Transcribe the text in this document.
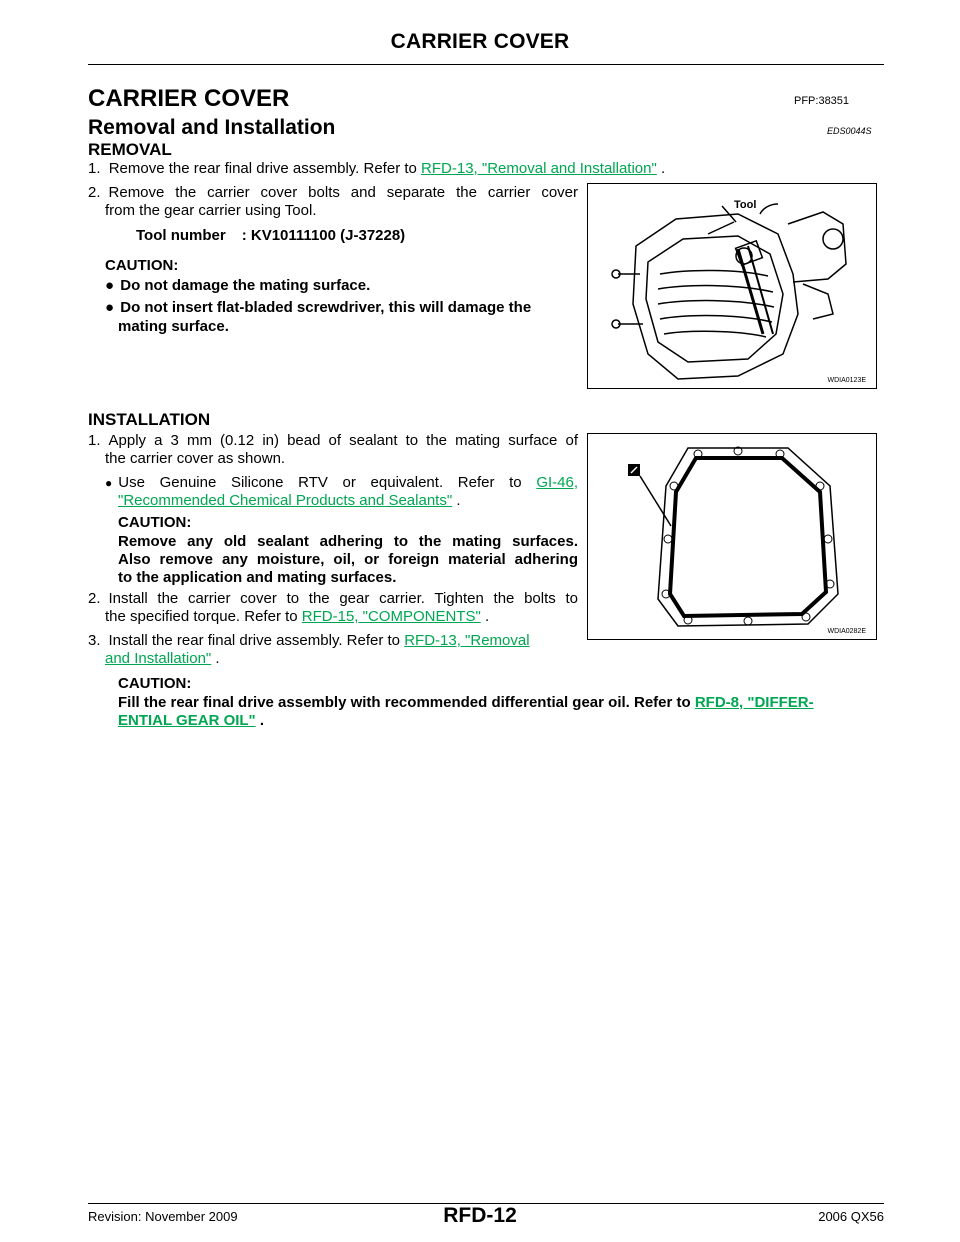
CARRIER COVER
CARRIER COVER	PFP:38351
Removal and Installation	EDS0044S
REMOVAL
1. Remove the rear final drive assembly. Refer to RFD-13, "Removal and Installation" .
2. Remove the carrier cover bolts and separate the carrier cover
from the gear carrier using Tool.
Tool number	: KV10111100 (J-37228)
CAUTION:
● Do not damage the mating surface.
● Do not insert flat-bladed screwdriver, this will damage the
mating surface.
Tool
WDIA0123E
INSTALLATION
1. Apply a 3 mm (0.12 in) bead of sealant to the mating surface of
the carrier cover as shown.
● Use Genuine Silicone RTV or equivalent. Refer to GI-46,
"Recommended Chemical Products and Sealants" .
CAUTION:
Remove any old sealant adhering to the mating surfaces.
Also remove any moisture, oil, or foreign material adhering
to the application and mating surfaces.
2. Install the carrier cover to the gear carrier. Tighten the bolts to
the specified torque. Refer to RFD-15, "COMPONENTS" .
3. Install the rear final drive assembly. Refer to RFD-13, "Removal
and Installation" .
CAUTION:
Fill the rear final drive assembly with recommended differential gear oil. Refer to RFD-8, "DIFFER-
ENTIAL GEAR OIL" .
WDIA0282E
Revision: November 2009	RFD-12	2006 QX56
